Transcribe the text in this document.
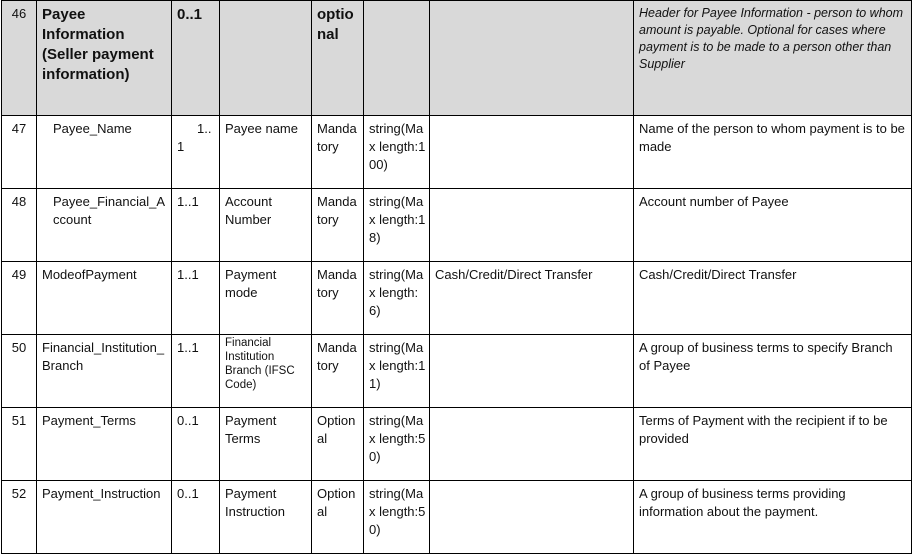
46	Payee Information (Seller payment information)	0..1		optional			Header for Payee Information - person to whom amount is payable. Optional for cases where payment is to be made to a person other than Supplier
47	Payee_Name	1..1	Payee name	Mandatory	string(Max length:100)		Name of the person to whom payment is to be made
48	Payee_Financial_Account	1..1	Account Number	Mandatory	string(Max length:18)		Account number of Payee
49	ModeofPayment	1..1	Payment mode	Mandatory	string(Max length:6)	Cash/Credit/Direct Transfer	Cash/Credit/Direct Transfer
50	Financial_Institution_Branch	1..1	Financial Institution Branch (IFSC Code)	Mandatory	string(Max length:11)		A group of business terms to specify Branch of Payee
51	Payment_Terms	0..1	Payment Terms	Optional	string(Max length:50)		Terms of Payment with the recipient if to be provided
52	Payment_Instruction	0..1	Payment Instruction	Optional	string(Max length:50)		A group of business terms providing information about the payment.
